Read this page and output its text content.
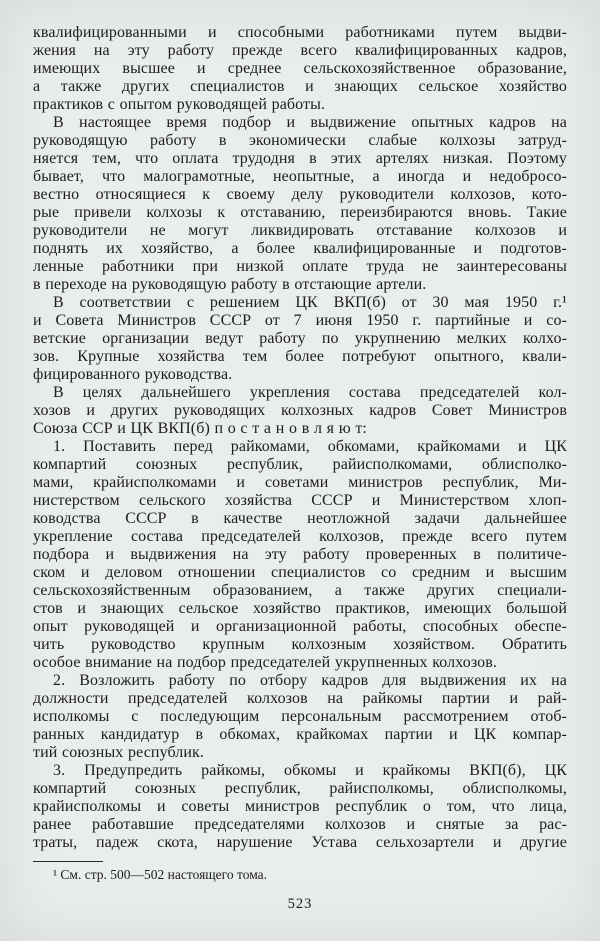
квалифицированными и способными работниками путем выдви-
жения на эту работу прежде всего квалифицированных кадров,
имеющих высшее и среднее сельскохозяйственное образование,
а также других специалистов и знающих сельское хозяйство
практиков с опытом руководящей работы.
В настоящее время подбор и выдвижение опытных кадров на
руководящую работу в экономически слабые колхозы затруд-
няется тем, что оплата трудодня в этих артелях низкая. Поэтому
бывает, что малограмотные, неопытные, а иногда и недобросо-
вестно относящиеся к своему делу руководители колхозов, кото-
рые привели колхозы к отставанию, переизбираются вновь. Такие
руководители не могут ликвидировать отставание колхозов и
поднять их хозяйство, а более квалифицированные и подготов-
ленные работники при низкой оплате труда не заинтересованы
в переходе на руководящую работу в отстающие артели.
В соответствии с решением ЦК ВКП(б) от 30 мая 1950 г.¹
и Совета Министров СССР от 7 июня 1950 г. партийные и со-
ветские организации ведут работу по укрупнению мелких колхо-
зов. Крупные хозяйства тем более потребуют опытного, квали-
фицированного руководства.
В целях дальнейшего укрепления состава председателей кол-
хозов и других руководящих колхозных кадров Совет Министров
Союза ССР и ЦК ВКП(б) п о с т а н о в л я ю т:
1. Поставить перед райкомами, обкомами, крайкомами и ЦК
компартий союзных республик, райисполкомами, облисполко-
мами, крайисполкомами и советами министров республик, Ми-
нистерством сельского хозяйства СССР и Министерством хлоп-
ководства СССР в качестве неотложной задачи дальнейшее
укрепление состава председателей колхозов, прежде всего путем
подбора и выдвижения на эту работу проверенных в политиче-
ском и деловом отношении специалистов со средним и высшим
сельскохозяйственным образованием, а также других специали-
стов и знающих сельское хозяйство практиков, имеющих большой
опыт руководящей и организационной работы, способных обеспе-
чить руководство крупным колхозным хозяйством. Обратить
особое внимание на подбор председателей укрупненных колхозов.
2. Возложить работу по отбору кадров для выдвижения их на
должности председателей колхозов на райкомы партии и рай-
исполкомы с последующим персональным рассмотрением отоб-
ранных кандидатур в обкомах, крайкомах партии и ЦК компар-
тий союзных республик.
3. Предупредить райкомы, обкомы и крайкомы ВКП(б), ЦК
компартий союзных республик, райисполкомы, облисполкомы,
крайисполкомы и советы министров республик о том, что лица,
ранее работавшие председателями колхозов и снятые за рас-
траты, падеж скота, нарушение Устава сельхозартели и другие
¹ См. стр. 500—502 настоящего тома.
523
